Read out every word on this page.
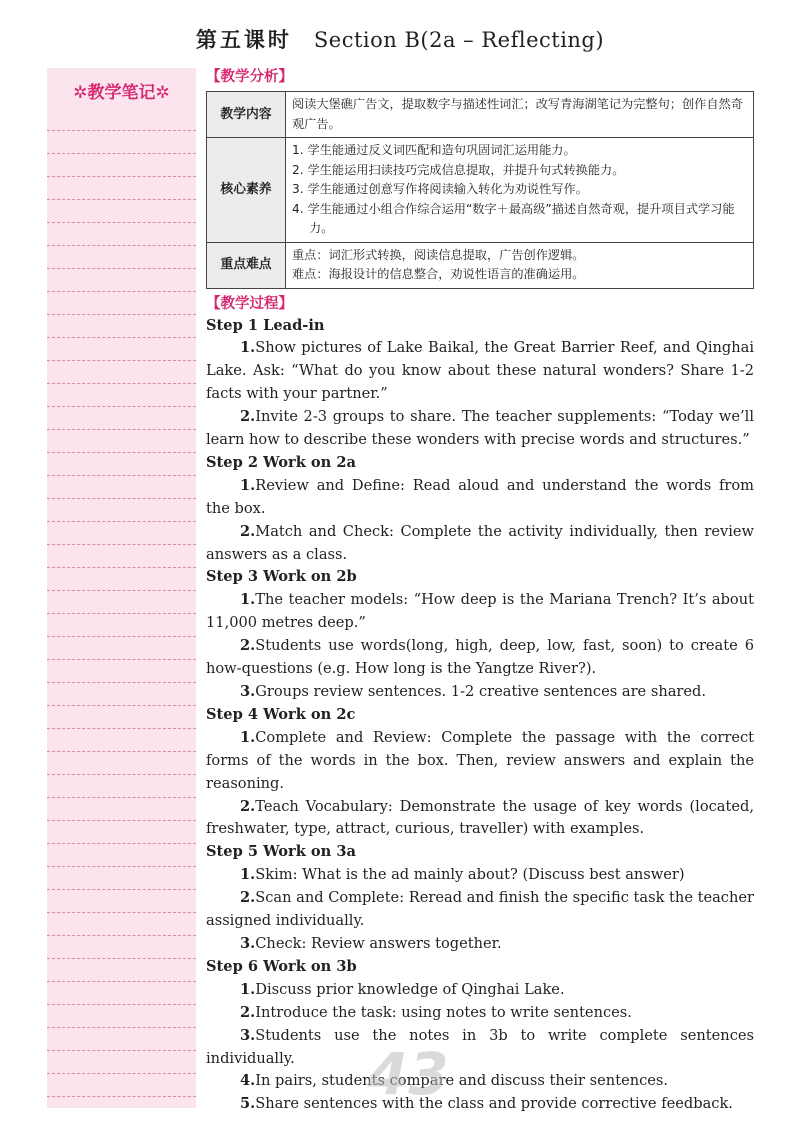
第五课时 Section B(2a – Reflecting)
✲教学笔记✲
【教学分析】
教学内容	阅读大堡礁广告文，提取数字与描述性词汇；改写青海湖笔记为完整句；创作自然奇观广告。

核心素养	1. 学生能通过反义词匹配和造句巩固词汇运用能力。
2. 学生能运用扫读技巧完成信息提取，并提升句式转换能力。
3. 学生能通过创意写作将阅读输入转化为劝说性写作。
4. 学生能通过小组合作综合运用“数字＋最高级”描述自然奇观，提升项目式学习能力。

重点难点	重点：词汇形式转换，阅读信息提取，广告创作逻辑。
难点：海报设计的信息整合，劝说性语言的准确运用。
【教学过程】
Step 1 Lead-in

1.Show pictures of Lake Baikal, the Great Barrier Reef, and Qinghai Lake. Ask: “What do you know about these natural wonders? Share 1-2 facts with your partner.”

2.Invite 2-3 groups to share. The teacher supplements: “Today we’ll learn how to describe these wonders with precise words and structures.”

Step 2 Work on 2a

1.Review and Define: Read aloud and understand the words from the box.

2.Match and Check: Complete the activity individually, then review answers as a class.

Step 3 Work on 2b

1.The teacher models: “How deep is the Mariana Trench? It’s about 11,000 metres deep.”

2.Students use words(long, high, deep, low, fast, soon) to create 6 how-questions (e.g. How long is the Yangtze River?).

3.Groups review sentences. 1-2 creative sentences are shared.

Step 4 Work on 2c

1.Complete and Review: Complete the passage with the correct forms of the words in the box. Then, review answers and explain the reasoning.

2.Teach Vocabulary: Demonstrate the usage of key words (located, freshwater, type, attract, curious, traveller) with examples.

Step 5 Work on 3a

1.Skim: What is the ad mainly about? (Discuss best answer)

2.Scan and Complete: Reread and finish the specific task the teacher assigned individually.

3.Check: Review answers together.

Step 6 Work on 3b

1.Discuss prior knowledge of Qinghai Lake.

2.Introduce the task: using notes to write sentences.

3.Students use the notes in 3b to write complete sentences individually.

4.In pairs, students compare and discuss their sentences.

5.Share sentences with the class and provide corrective feedback.

43
